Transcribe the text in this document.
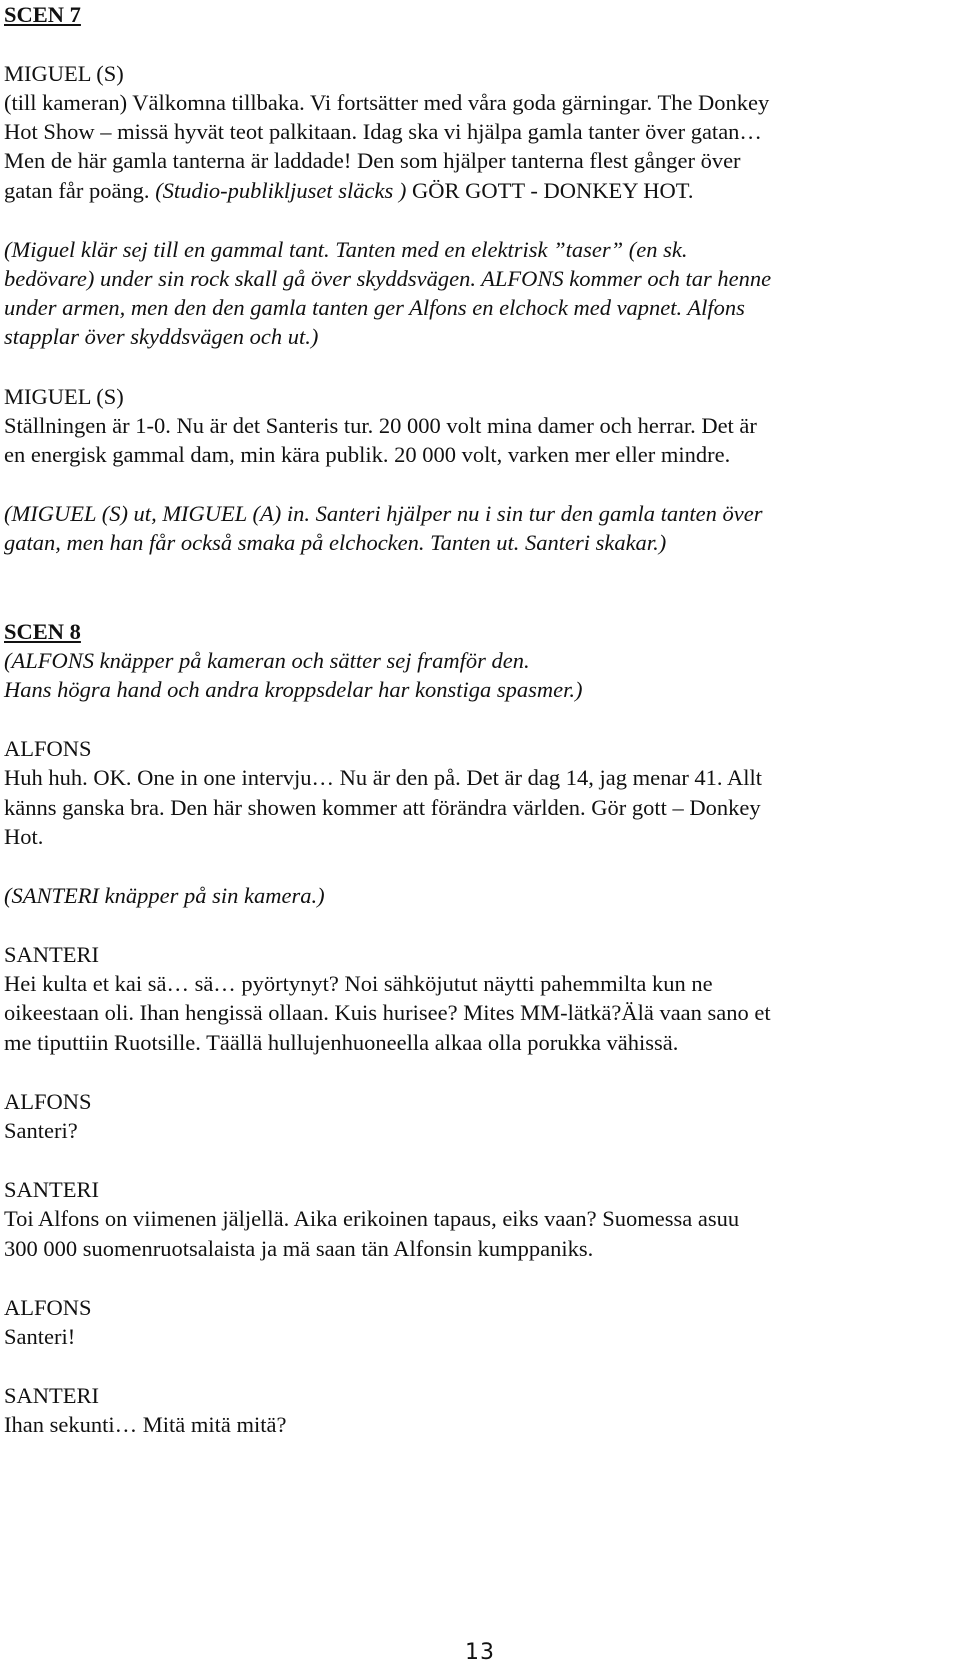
SCEN 7
MIGUEL (S)
(till kameran) Välkomna tillbaka. Vi fortsätter med våra goda gärningar. The Donkey
Hot Show – missä hyvät teot palkitaan. Idag ska vi hjälpa gamla tanter över gatan…
Men de här gamla tanterna är laddade! Den som hjälper tanterna flest gånger över
gatan får poäng. (Studio-publikljuset släcks ) GÖR GOTT - DONKEY HOT.
(Miguel klär sej till en gammal tant. Tanten med en elektrisk ”taser” (en sk.
bedövare) under sin rock skall gå över skyddsvägen. ALFONS kommer och tar henne
under armen, men den den gamla tanten ger Alfons en elchock med vapnet. Alfons
stapplar över skyddsvägen och ut.)
MIGUEL (S)
Ställningen är 1-0. Nu är det Santeris tur. 20 000 volt mina damer och herrar. Det är
en energisk gammal dam, min kära publik. 20 000 volt, varken mer eller mindre.
(MIGUEL (S) ut, MIGUEL (A) in. Santeri hjälper nu i sin tur den gamla tanten över
gatan, men han får också smaka på elchocken. Tanten ut. Santeri skakar.)
SCEN 8
(ALFONS knäpper på kameran och sätter sej framför den.
Hans högra hand och andra kroppsdelar har konstiga spasmer.)
ALFONS
Huh huh. OK. One in one intervju… Nu är den på. Det är dag 14, jag menar 41. Allt
känns ganska bra. Den här showen kommer att förändra världen. Gör gott – Donkey
Hot.
(SANTERI knäpper på sin kamera.)
SANTERI
Hei kulta et kai sä… sä… pyörtynyt? Noi sähköjutut näytti pahemmilta kun ne
oikeestaan oli. Ihan hengissä ollaan. Kuis hurisee? Mites MM-lätkä?Älä vaan sano et
me tiputtiin Ruotsille. Täällä hullujenhuoneella alkaa olla porukka vähissä.
ALFONS
Santeri?
SANTERI
Toi Alfons on viimenen jäljellä. Aika erikoinen tapaus, eiks vaan? Suomessa asuu
300 000 suomenruotsalaista ja mä saan tän Alfonsin kumppaniks.
ALFONS
Santeri!
SANTERI
Ihan sekunti… Mitä mitä mitä?
13
